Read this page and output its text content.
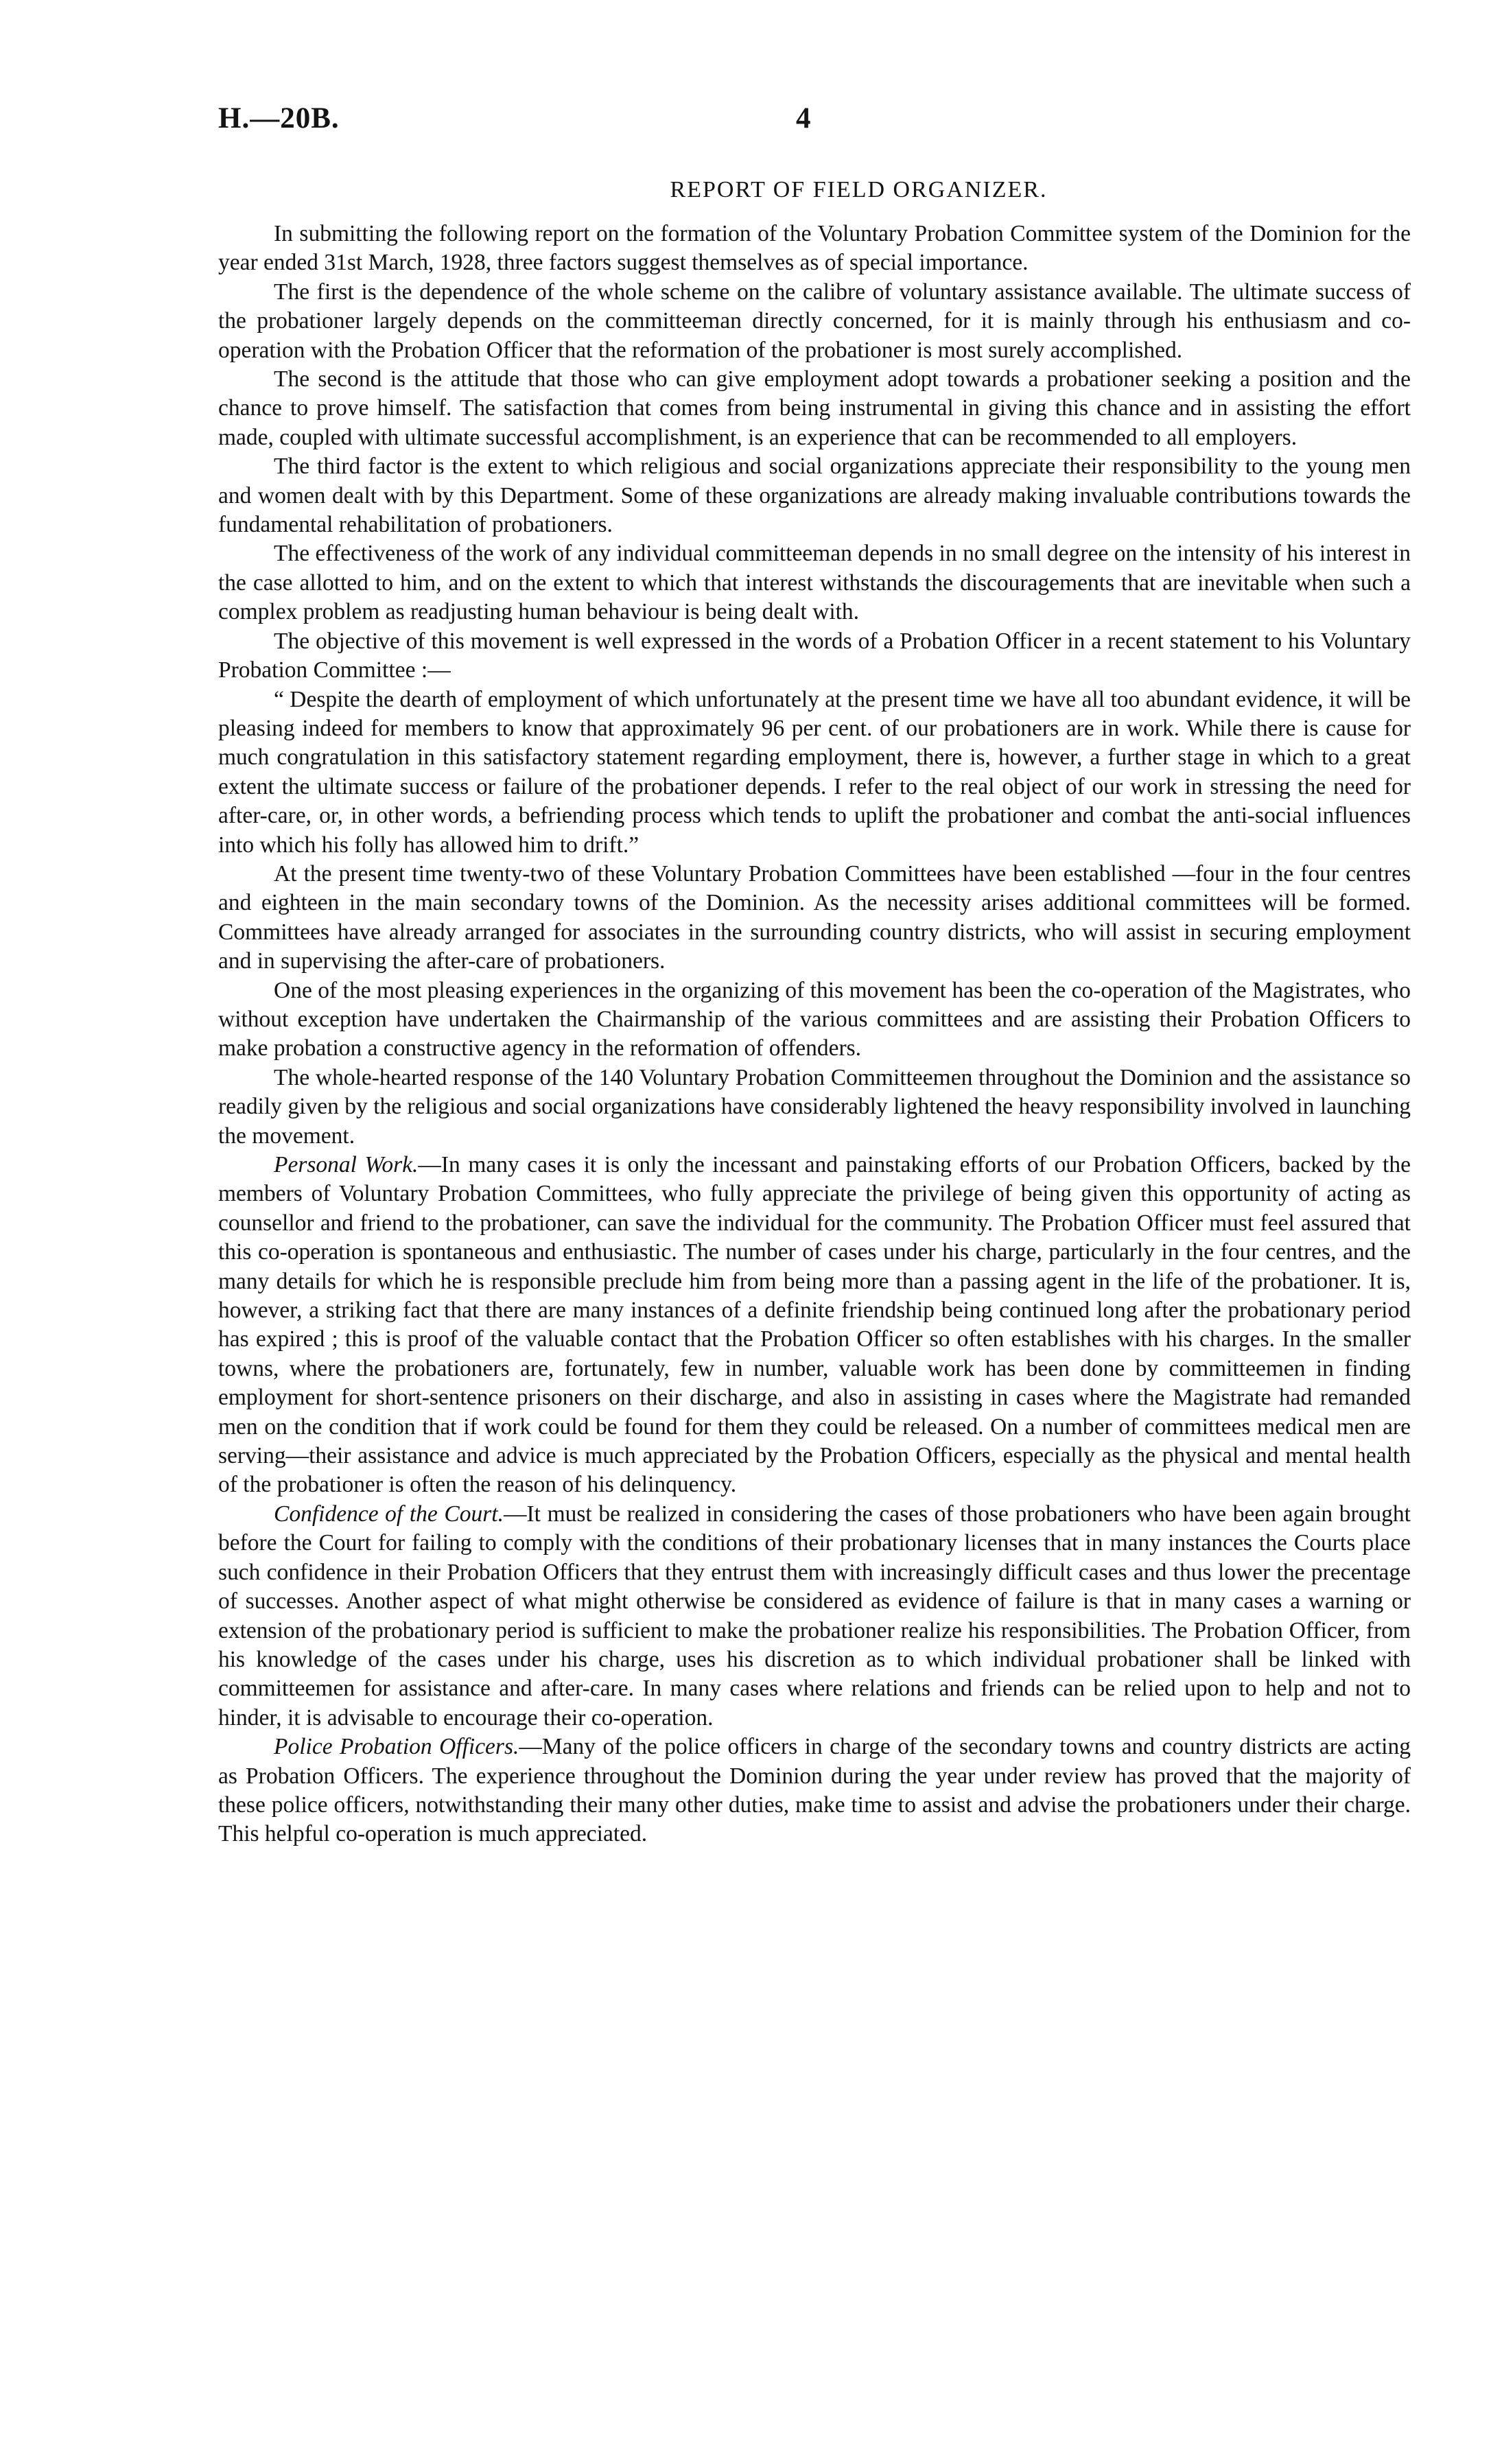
H.—20B.	4
REPORT OF FIELD ORGANIZER.

In submitting the following report on the formation of the Voluntary Probation Committee system of the Dominion for the year ended 31st March, 1928, three factors suggest themselves as of special importance.

The first is the dependence of the whole scheme on the calibre of voluntary assistance available. The ultimate success of the probationer largely depends on the committeeman directly concerned, for it is mainly through his enthusiasm and co-operation with the Probation Officer that the reformation of the probationer is most surely accomplished.

The second is the attitude that those who can give employment adopt towards a probationer seeking a position and the chance to prove himself. The satisfaction that comes from being instrumental in giving this chance and in assisting the effort made, coupled with ultimate successful accomplishment, is an experience that can be recommended to all employers.

The third factor is the extent to which religious and social organizations appreciate their responsibility to the young men and women dealt with by this Department. Some of these organizations are already making invaluable contributions towards the fundamental rehabilitation of probationers.

The effectiveness of the work of any individual committeeman depends in no small degree on the intensity of his interest in the case allotted to him, and on the extent to which that interest withstands the discouragements that are inevitable when such a complex problem as readjusting human behaviour is being dealt with.

The objective of this movement is well expressed in the words of a Probation Officer in a recent statement to his Voluntary Probation Committee :—

“ Despite the dearth of employment of which unfortunately at the present time we have all too abundant evidence, it will be pleasing indeed for members to know that approximately 96 per cent. of our probationers are in work. While there is cause for much congratulation in this satisfactory statement regarding employment, there is, however, a further stage in which to a great extent the ultimate success or failure of the probationer depends. I refer to the real object of our work in stressing the need for after-care, or, in other words, a befriending process which tends to uplift the probationer and combat the anti-social influences into which his folly has allowed him to drift.”

At the present time twenty-two of these Voluntary Probation Committees have been established —four in the four centres and eighteen in the main secondary towns of the Dominion. As the necessity arises additional committees will be formed. Committees have already arranged for associates in the surrounding country districts, who will assist in securing employment and in supervising the after-care of probationers.

One of the most pleasing experiences in the organizing of this movement has been the co-operation of the Magistrates, who without exception have undertaken the Chairmanship of the various committees and are assisting their Probation Officers to make probation a constructive agency in the reformation of offenders.

The whole-hearted response of the 140 Voluntary Probation Committeemen throughout the Dominion and the assistance so readily given by the religious and social organizations have considerably lightened the heavy responsibility involved in launching the movement.

Personal Work.—In many cases it is only the incessant and painstaking efforts of our Probation Officers, backed by the members of Voluntary Probation Committees, who fully appreciate the privilege of being given this opportunity of acting as counsellor and friend to the probationer, can save the individual for the community. The Probation Officer must feel assured that this co-operation is spontaneous and enthusiastic. The number of cases under his charge, particularly in the four centres, and the many details for which he is responsible preclude him from being more than a passing agent in the life of the probationer. It is, however, a striking fact that there are many instances of a definite friendship being continued long after the probationary period has expired ; this is proof of the valuable contact that the Probation Officer so often establishes with his charges. In the smaller towns, where the probationers are, fortunately, few in number, valuable work has been done by committeemen in finding employment for short-sentence prisoners on their discharge, and also in assisting in cases where the Magistrate had remanded men on the condition that if work could be found for them they could be released. On a number of committees medical men are serving—their assistance and advice is much appreciated by the Probation Officers, especially as the physical and mental health of the probationer is often the reason of his delinquency.

Confidence of the Court.—It must be realized in considering the cases of those probationers who have been again brought before the Court for failing to comply with the conditions of their probationary licenses that in many instances the Courts place such confidence in their Probation Officers that they entrust them with increasingly difficult cases and thus lower the precentage of successes. Another aspect of what might otherwise be considered as evidence of failure is that in many cases a warning or extension of the probationary period is sufficient to make the probationer realize his responsibilities. The Probation Officer, from his knowledge of the cases under his charge, uses his discretion as to which individual probationer shall be linked with committeemen for assistance and after-care. In many cases where relations and friends can be relied upon to help and not to hinder, it is advisable to encourage their co-operation.

Police Probation Officers.—Many of the police officers in charge of the secondary towns and country districts are acting as Probation Officers. The experience throughout the Dominion during the year under review has proved that the majority of these police officers, notwithstanding their many other duties, make time to assist and advise the probationers under their charge. This helpful co-operation is much appreciated.
